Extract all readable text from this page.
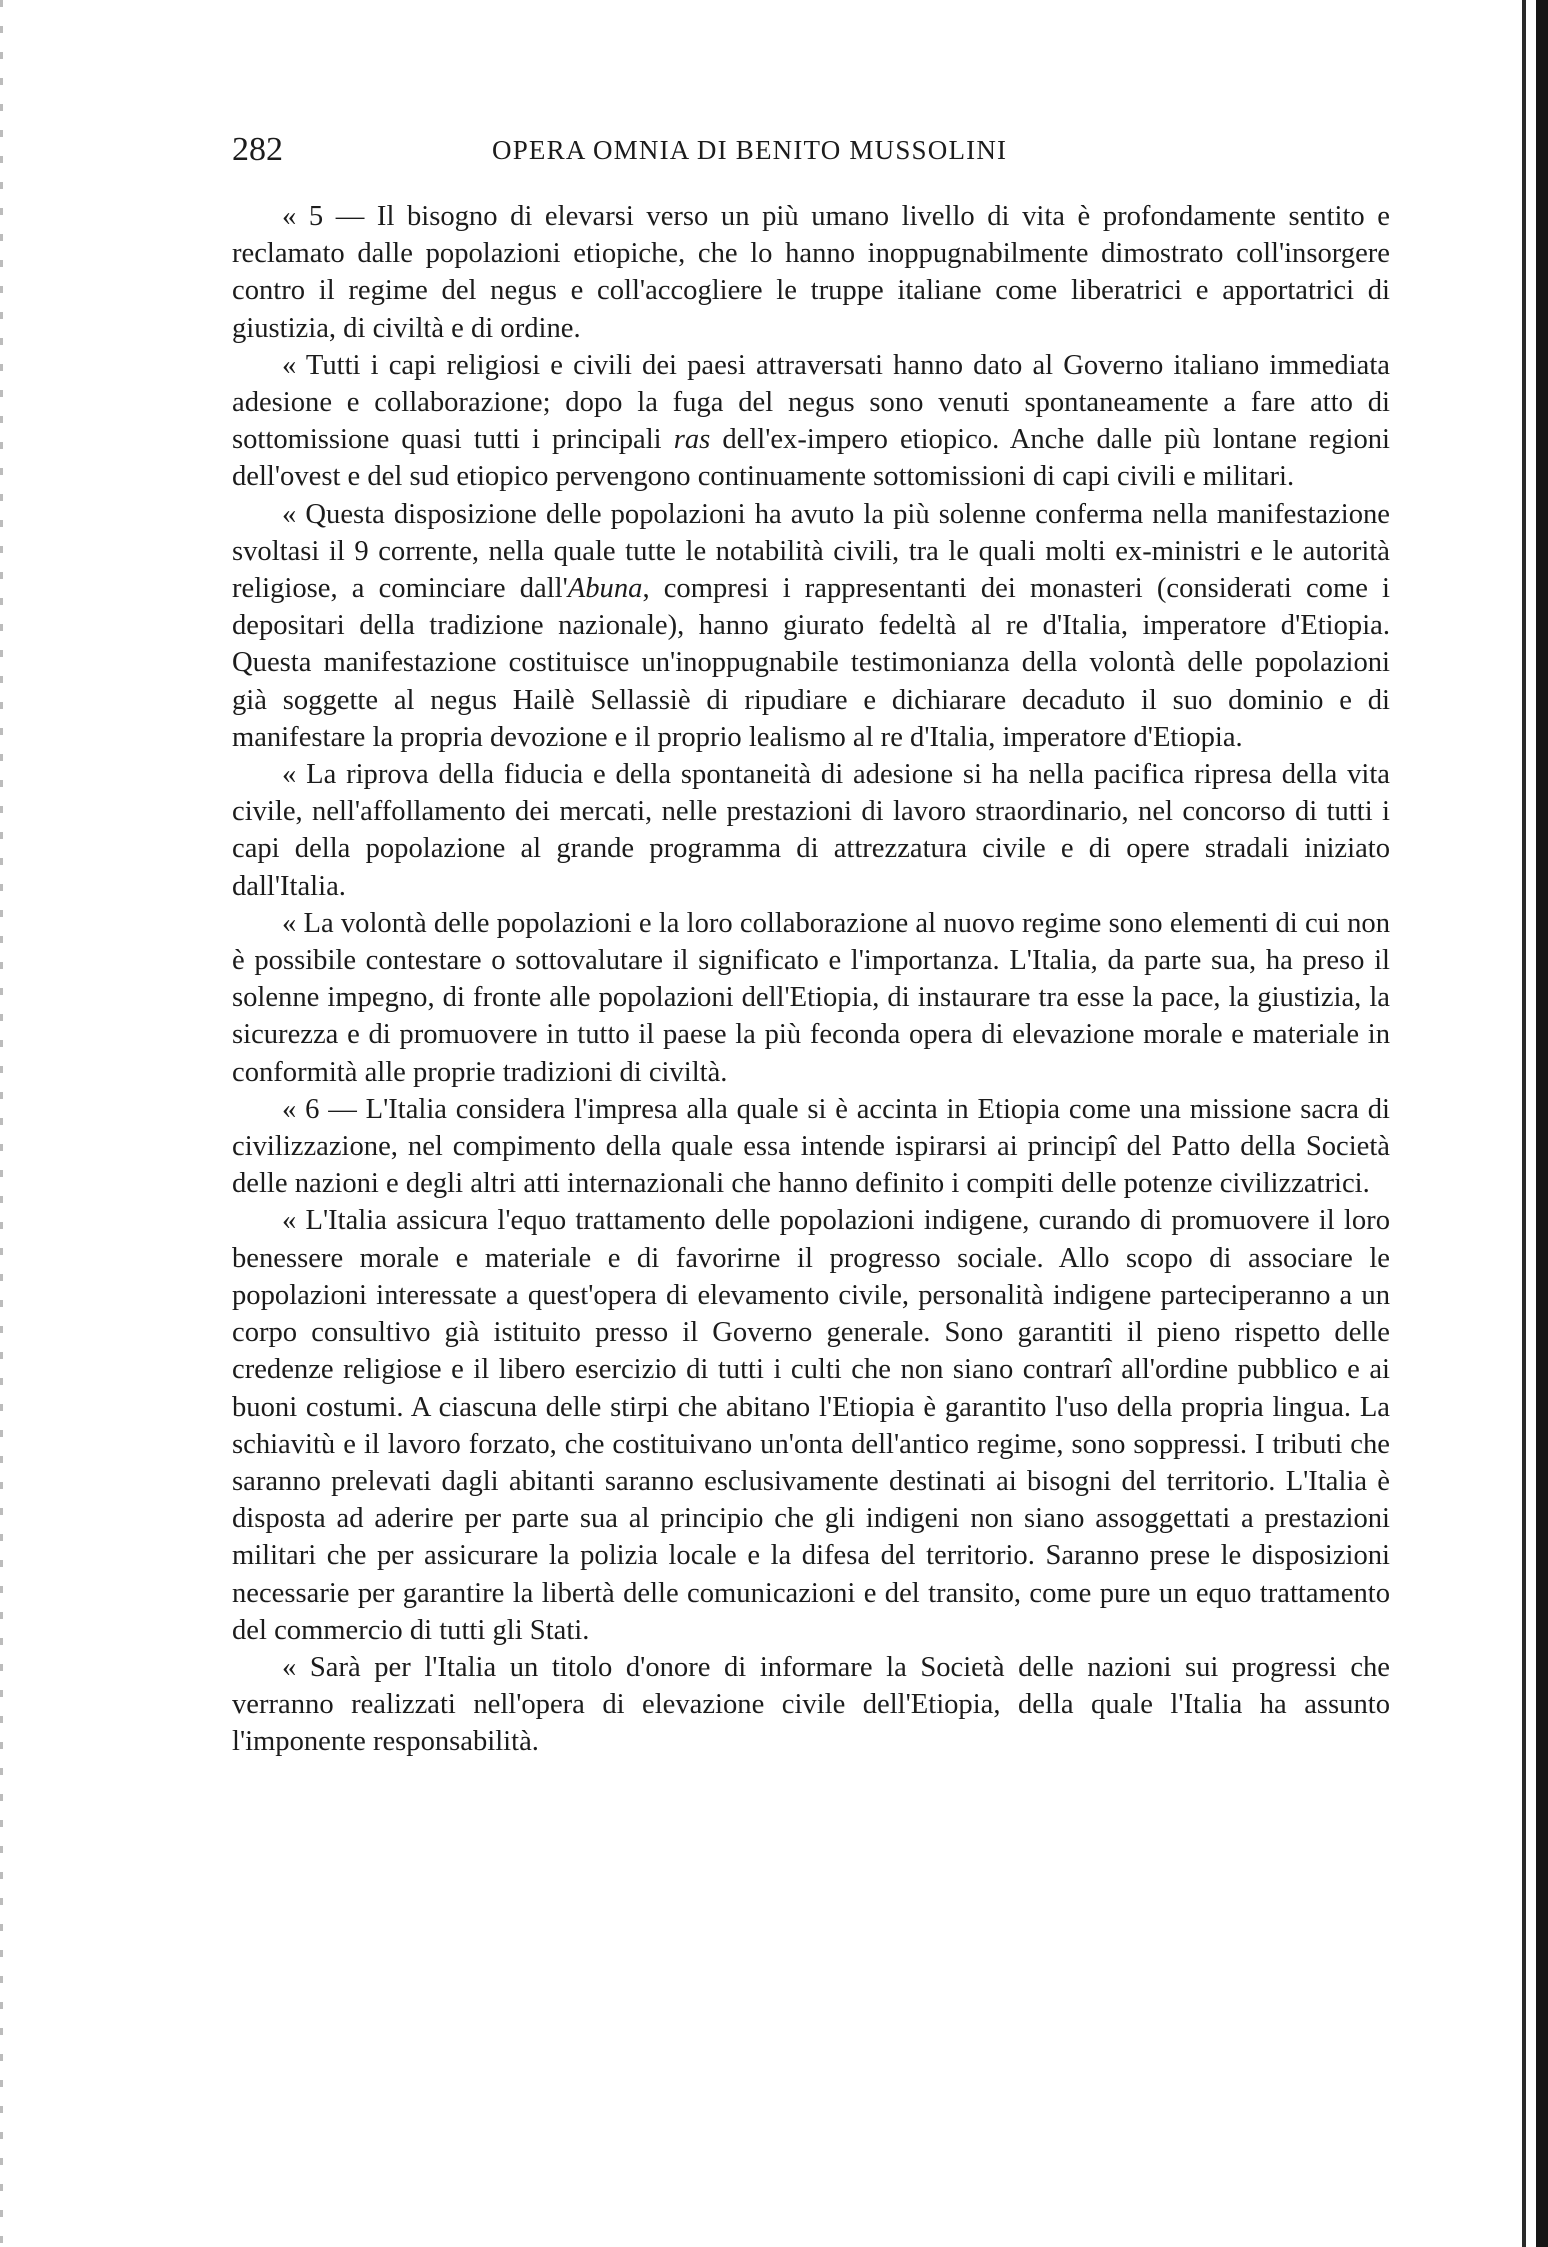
282	OPERA OMNIA DI BENITO MUSSOLINI

« 5 — Il bisogno di elevarsi verso un più umano livello di vita è profondamente sentito e reclamato dalle popolazioni etiopiche, che lo hanno inoppugnabilmente dimostrato coll'insorgere contro il regime del negus e coll'accogliere le truppe italiane come liberatrici e apportatrici di giustizia, di civiltà e di ordine.

« Tutti i capi religiosi e civili dei paesi attraversati hanno dato al Governo italiano immediata adesione e collaborazione; dopo la fuga del negus sono venuti spontaneamente a fare atto di sottomissione quasi tutti i principali ras dell'ex-impero etiopico. Anche dalle più lontane regioni dell'ovest e del sud etiopico pervengono continuamente sottomissioni di capi civili e militari.

« Questa disposizione delle popolazioni ha avuto la più solenne conferma nella manifestazione svoltasi il 9 corrente, nella quale tutte le notabilità civili, tra le quali molti ex-ministri e le autorità religiose, a cominciare dall'Abuna, compresi i rappresentanti dei monasteri (considerati come i depositari della tradizione nazionale), hanno giurato fedeltà al re d'Italia, imperatore d'Etiopia. Questa manifestazione costituisce un'inoppugnabile testimonianza della volontà delle popolazioni già soggette al negus Hailè Sellassiè di ripudiare e dichiarare decaduto il suo dominio e di manifestare la propria devozione e il proprio lealismo al re d'Italia, imperatore d'Etiopia.

« La riprova della fiducia e della spontaneità di adesione si ha nella pacifica ripresa della vita civile, nell'affollamento dei mercati, nelle prestazioni di lavoro straordinario, nel concorso di tutti i capi della popolazione al grande programma di attrezzatura civile e di opere stradali iniziato dall'Italia.

« La volontà delle popolazioni e la loro collaborazione al nuovo regime sono elementi di cui non è possibile contestare o sottovalutare il significato e l'importanza. L'Italia, da parte sua, ha preso il solenne impegno, di fronte alle popolazioni dell'Etiopia, di instaurare tra esse la pace, la giustizia, la sicurezza e di promuovere in tutto il paese la più feconda opera di elevazione morale e materiale in conformità alle proprie tradizioni di civiltà.

« 6 — L'Italia considera l'impresa alla quale si è accinta in Etiopia come una missione sacra di civilizzazione, nel compimento della quale essa intende ispirarsi ai principî del Patto della Società delle nazioni e degli altri atti internazionali che hanno definito i compiti delle potenze civilizzatrici.

« L'Italia assicura l'equo trattamento delle popolazioni indigene, curando di promuovere il loro benessere morale e materiale e di favorirne il progresso sociale. Allo scopo di associare le popolazioni interessate a quest'opera di elevamento civile, personalità indigene parteciperanno a un corpo consultivo già istituito presso il Governo generale. Sono garantiti il pieno rispetto delle credenze religiose e il libero esercizio di tutti i culti che non siano contrarî all'ordine pubblico e ai buoni costumi. A ciascuna delle stirpi che abitano l'Etiopia è garantito l'uso della propria lingua. La schiavitù e il lavoro forzato, che costituivano un'onta dell'antico regime, sono soppressi. I tributi che saranno prelevati dagli abitanti saranno esclusivamente destinati ai bisogni del territorio. L'Italia è disposta ad aderire per parte sua al principio che gli indigeni non siano assoggettati a prestazioni militari che per assicurare la polizia locale e la difesa del territorio. Saranno prese le disposizioni necessarie per garantire la libertà delle comunicazioni e del transito, come pure un equo trattamento del commercio di tutti gli Stati.

« Sarà per l'Italia un titolo d'onore di informare la Società delle nazioni sui progressi che verranno realizzati nell'opera di elevazione civile dell'Etiopia, della quale l'Italia ha assunto l'imponente responsabilità.
